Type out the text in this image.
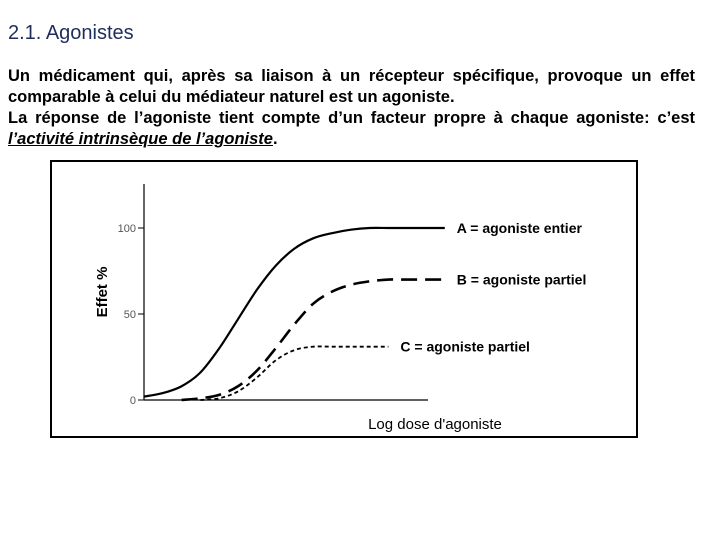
2.1. Agonistes
Un médicament qui, après sa liaison à un récepteur spécifique, provoque un effet comparable à celui du médiateur naturel est un agoniste.
La réponse de l’agoniste tient compte d’un facteur propre à chaque agoniste: c’est l’activité intrinsèque de l’agoniste.
0
50
100
Effet %
Log dose d'agoniste
A = agoniste entier
B = agoniste partiel
C = agoniste partiel
